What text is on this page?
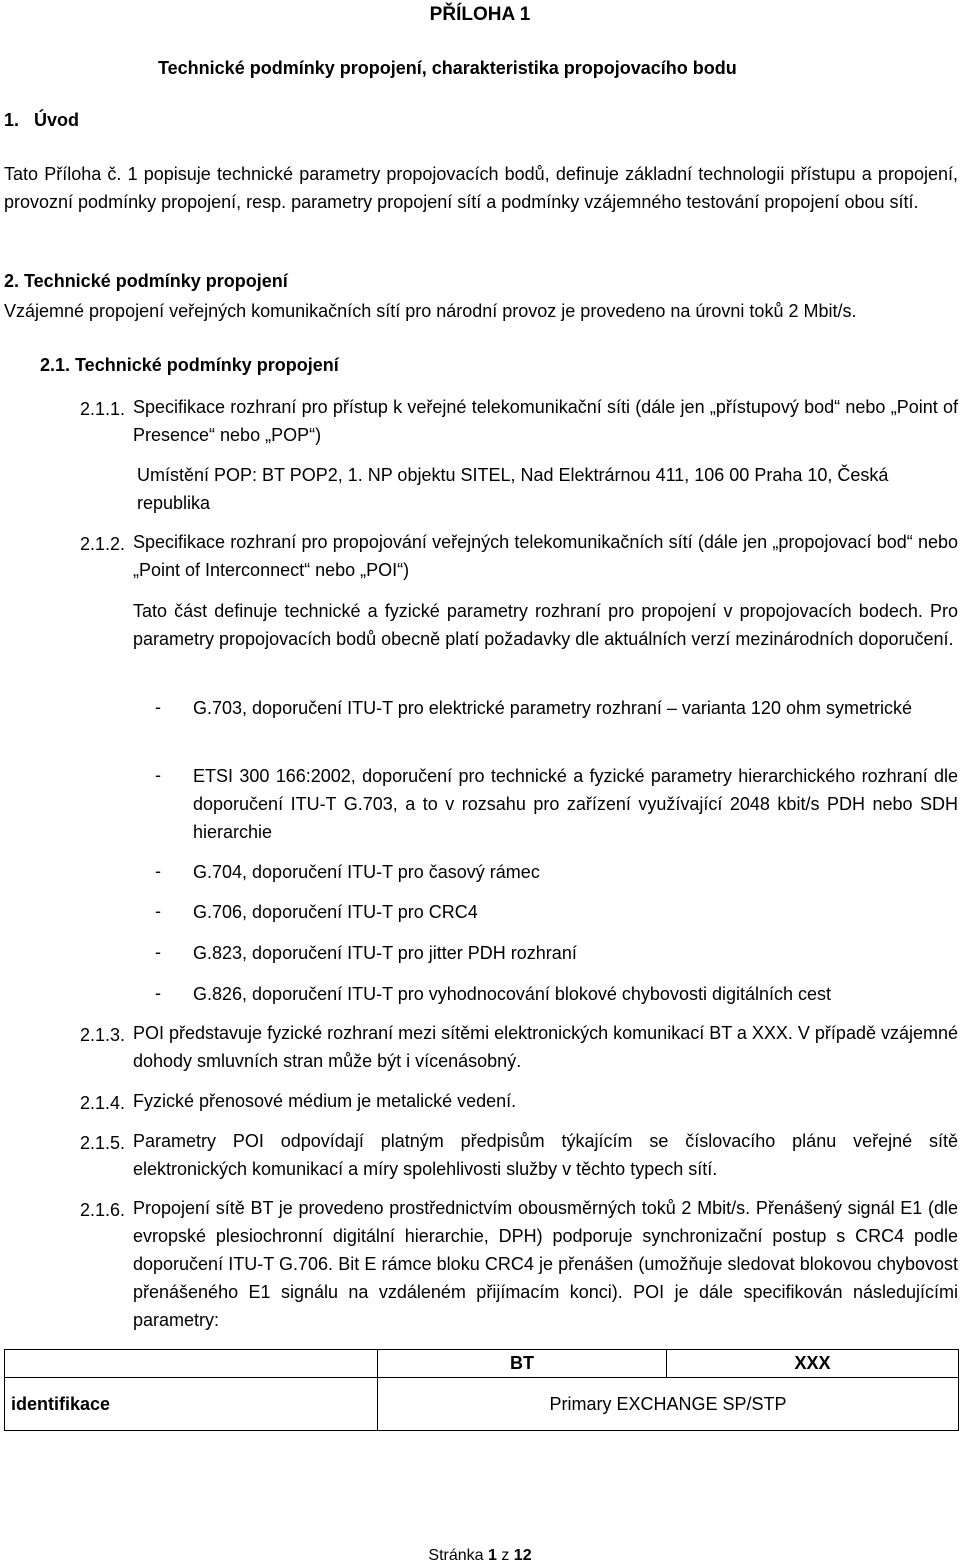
PŘÍLOHA 1
Technické podmínky propojení, charakteristika propojovacího bodu
1.   Úvod
Tato Příloha č. 1 popisuje technické parametry propojovacích bodů, definuje základní technologii přístupu a propojení, provozní podmínky propojení, resp. parametry propojení sítí a podmínky vzájemného testování propojení obou sítí.
2. Technické podmínky propojení
Vzájemné propojení veřejných komunikačních sítí pro národní provoz je provedeno na úrovni toků 2 Mbit/s.
2.1. Technické podmínky propojení
2.1.1. Specifikace rozhraní pro přístup k veřejné telekomunikační síti (dále jen „přístupový bod“ nebo „Point of Presence“ nebo „POP“)
Umístění POP: BT POP2, 1. NP objektu SITEL, Nad Elektrárnou 411, 106 00 Praha 10, Česká republika
2.1.2. Specifikace rozhraní pro propojování veřejných telekomunikačních sítí (dále jen „propojovací bod“ nebo „Point of Interconnect“ nebo „POI“)
Tato část definuje technické a fyzické parametry rozhraní pro propojení v propojovacích bodech. Pro parametry propojovacích bodů obecně platí požadavky dle aktuálních verzí mezinárodních doporučení.
- G.703, doporučení ITU-T pro elektrické parametry rozhraní – varianta 120 ohm symetrické
- ETSI 300 166:2002, doporučení pro technické a fyzické parametry hierarchického rozhraní dle doporučení ITU-T G.703, a to v rozsahu pro zařízení využívající 2048 kbit/s PDH nebo SDH hierarchie
- G.704, doporučení ITU-T pro časový rámec
- G.706, doporučení ITU-T pro CRC4
- G.823, doporučení ITU-T pro jitter PDH rozhraní
- G.826, doporučení ITU-T pro vyhodnocování blokové chybovosti digitálních cest
2.1.3. POI představuje fyzické rozhraní mezi sítěmi elektronických komunikací BT a XXX. V případě vzájemné dohody smluvních stran může být i vícenásobný.
2.1.4. Fyzické přenosové médium je metalické vedení.
2.1.5. Parametry POI odpovídají platným předpisům týkajícím se číslovacího plánu veřejné sítě elektronických komunikací a míry spolehlivosti služby v těchto typech sítí.
2.1.6. Propojení sítě BT je provedeno prostřednictvím obousměrných toků 2 Mbit/s. Přenášený signál E1 (dle evropské plesiochronní digitální hierarchie, DPH) podporuje synchronizační postup s CRC4 podle doporučení ITU-T G.706. Bit E rámce bloku CRC4 je přenášen (umožňuje sledovat blokovou chybovost přenášeného E1 signálu na vzdáleném přijímacím konci). POI je dále specifikován následujícími parametry:
	BT	XXX
identifikace	Primary EXCHANGE SP/STP	
Stránka 1 z 12
